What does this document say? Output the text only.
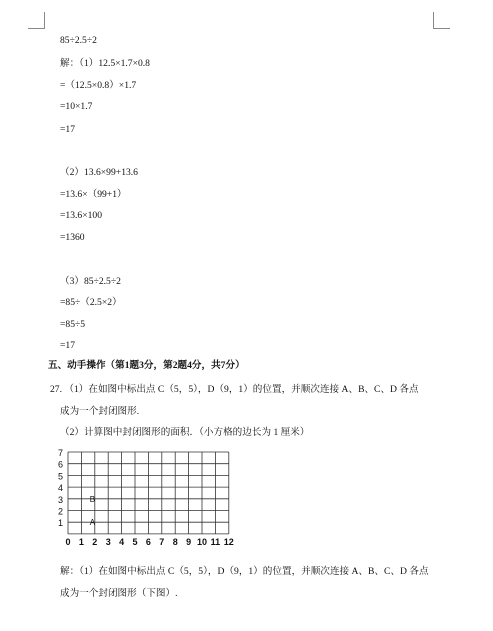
85÷2.5÷2
解：（1）12.5×1.7×0.8
=（12.5×0.8）×1.7
=10×1.7
=17
（2）13.6×99+13.6
=13.6×（99+1）
=13.6×100
=1360
（3）85÷2.5÷2
=85÷（2.5×2）
=85÷5
=17
五、动手操作（第1题3分，第2题4分，共7分）
27. （1）在如图中标出点 C（5，5），D（9，1）的位置，并顺次连接 A、B、C、D 各点
成为一个封闭图形.
（2）计算图中封闭图形的面积．（小方格的边长为 1 厘米）
7
6
5
4
3
2
1
0 1 2 3 4 5 6 7 8 9 10 11 12
B
A
解：（1）在如图中标出点 C（5，5），D（9，1）的位置，并顺次连接 A、B、C、D 各点
成为一个封闭图形（下图）.
